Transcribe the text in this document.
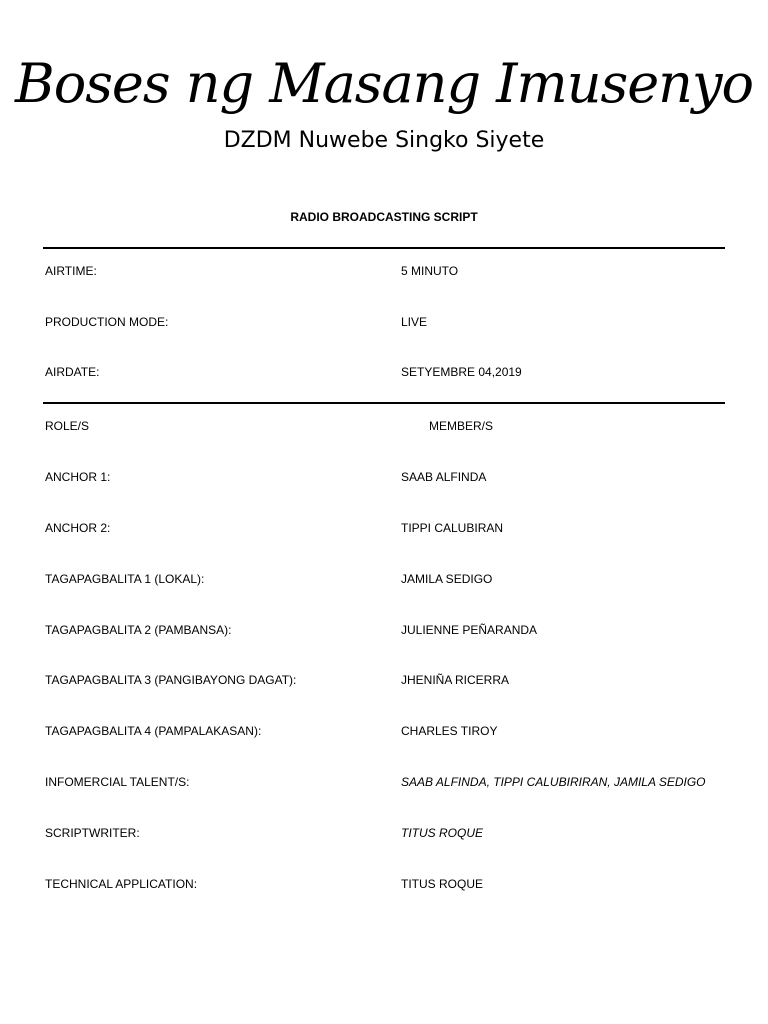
Boses ng Masang Imusenyo
DZDM Nuwebe Singko Siyete
RADIO BROADCASTING SCRIPT
AIRTIME:	5 MINUTO
PRODUCTION MODE:	LIVE
AIRDATE:	SETYEMBRE 04,2019
ROLE/S	MEMBER/S
ANCHOR 1:	SAAB ALFINDA
ANCHOR 2:	TIPPI CALUBIRAN
TAGAPAGBALITA 1 (LOKAL):	JAMILA SEDIGO
TAGAPAGBALITA 2 (PAMBANSA):	JULIENNE PEÑARANDA
TAGAPAGBALITA 3 (PANGIBAYONG DAGAT):	JHENIÑA RICERRA
TAGAPAGBALITA 4 (PAMPALAKASAN):	CHARLES TIROY
INFOMERCIAL TALENT/S:	SAAB ALFINDA, TIPPI CALUBIRIRAN, JAMILA SEDIGO
SCRIPTWRITER:	TITUS ROQUE
TECHNICAL APPLICATION:	TITUS ROQUE
